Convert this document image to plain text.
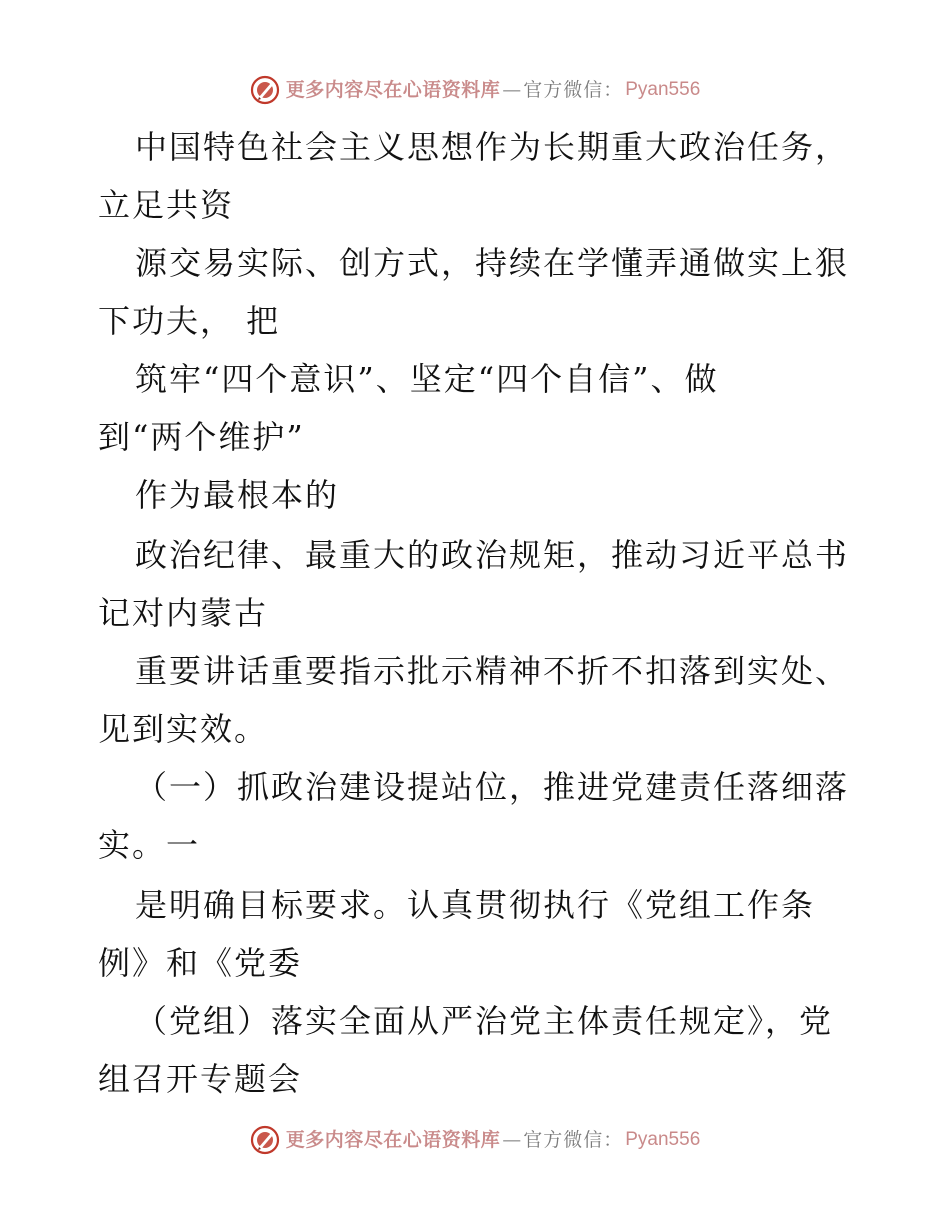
更多内容尽在心语资料库 — 官方微信： Pyan556
中国特色社会主义思想作为长期重大政治任务，
立足共资
源交易实际、创方式，持续在学懂弄通做实上狠
下功夫， 把
筑牢“四个意识”、坚定“四个自信”、做
到“两个维护”
作为最根本的
政治纪律、最重大的政治规矩，推动习近平总书
记对内蒙古
重要讲话重要指示批示精神不折不扣落到实处、
见到实效。
（一）抓政治建设提站位，推进党建责任落细落
实。一
是明确目标要求。认真贯彻执行《党组工作条
例》和《党委
（党组）落实全面从严治党主体责任规定》，党
组召开专题会
更多内容尽在心语资料库 — 官方微信： Pyan556
